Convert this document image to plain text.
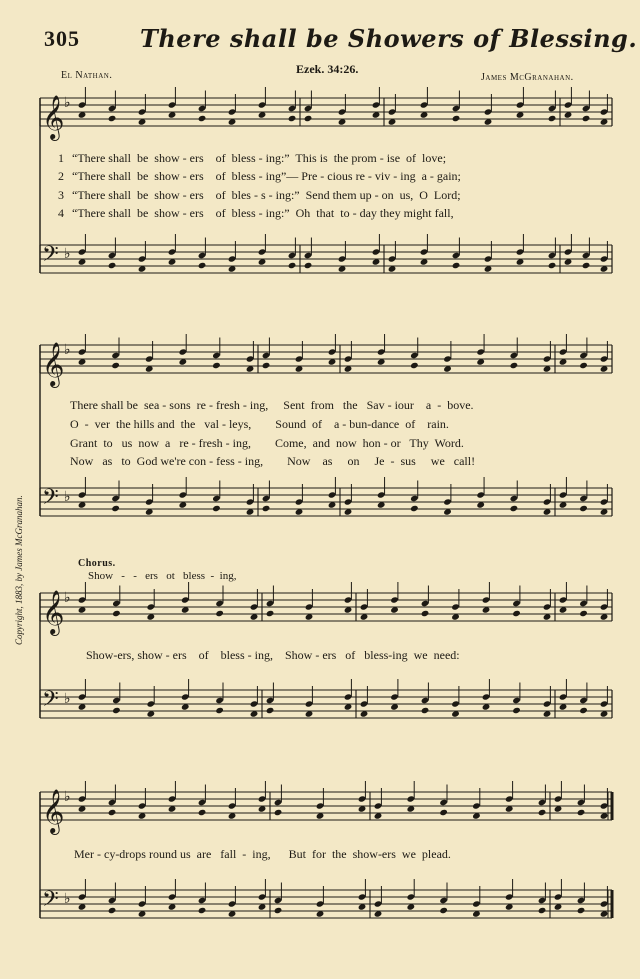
305	There shall be Showers of Blessing.
Ezek. 34:26.
El Nathan.	James McGranahan.
Copyright, 1883, by James McGranahan.
𝄞 ♭
𝄢 ♭
𝄞 ♭
𝄢 ♭
𝄞 ♭
𝄢 ♭
𝄞 ♭
𝄢 ♭
1 “There shall  be  show - ers    of  bless - ing:”  This is  the prom - ise  of  love;
2 “There shall  be  show - ers    of  bless - ing”— Pre - cious re - viv - ing  a - gain;
3 “There shall  be  show - ers    of  bles - s - ing:”  Send them up - on  us,  O  Lord;
4 “There shall  be  show - ers    of  bless - ing:”  Oh  that  to - day they might fall,
There shall be  sea - sons  re - fresh - ing,     Sent  from   the   Sav - iour    a  -  bove.
O  -  ver  the hills and  the   val - leys,        Sound  of    a - bun-dance  of    rain.
Grant  to   us  now  a   re - fresh - ing,        Come,  and  now  hon - or   Thy  Word.
Now   as   to  God we're con - fess - ing,        Now    as     on     Je  -  sus     we   call!
Chorus.
Show   -   -   ers   ot   bless  -  ing,
Show-ers, show - ers    of    bless - ing,    Show - ers   of   bless-ing  we  need:
Mer - cy-drops round us  are   fall  -  ing,      But  for  the  show-ers  we  plead.
